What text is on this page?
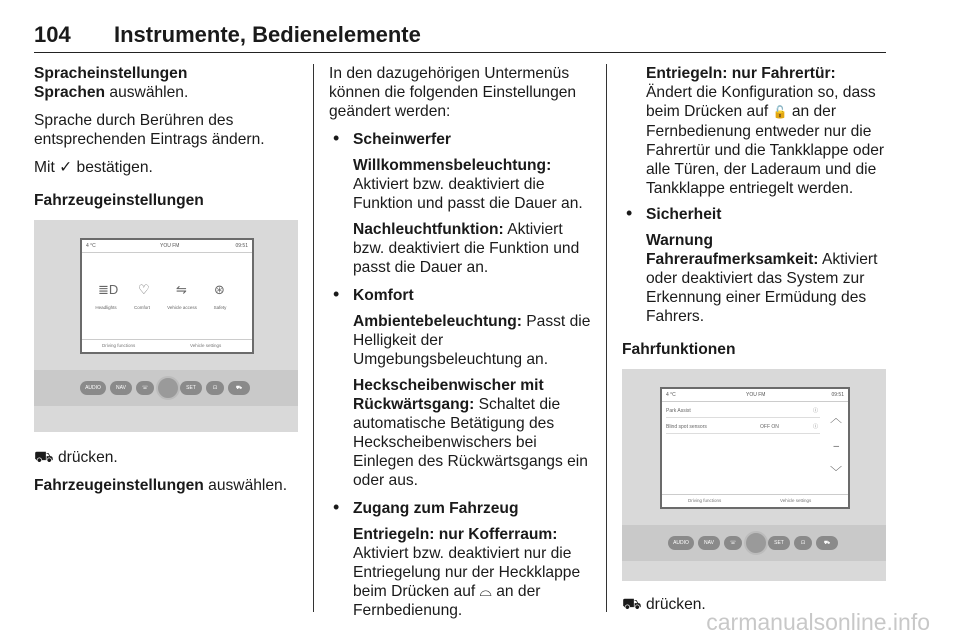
104 Instrumente, Bedienelemente
Spracheinstellungen

Sprachen auswählen.

Sprache durch Berühren des entsprechenden Eintrags ändern.

Mit ✓ bestätigen.

Fahrzeugeinstellungen
4 °C	YOU FM	09:51
≣D
Headlights
♡
Comfort
⇋
Vehicle access
⊛
Safety
Driving functions	Vehicle settings
AUDIO	NAV	☏	SET	⊡	⛟

⛟ drücken.

Fahrzeugeinstellungen auswählen.

In den dazugehörigen Untermenüs können die folgenden Einstellungen geändert werden:

• Scheinwerfer

Willkommensbeleuchtung: Aktiviert bzw. deaktiviert die Funktion und passt die Dauer an.

Nachleuchtfunktion: Aktiviert bzw. deaktiviert die Funktion und passt die Dauer an.

• Komfort

Ambientebeleuchtung: Passt die Helligkeit der Umgebungsbeleuchtung an.

Heckscheibenwischer mit Rückwärtsgang: Schaltet die automatische Betätigung des Heckscheibenwischers bei Einlegen des Rückwärtsgangs ein oder aus.

• Zugang zum Fahrzeug

Entriegeln: nur Kofferraum: Aktiviert bzw. deaktiviert nur die Entriegelung nur der Heckklappe beim Drücken auf ⌓ an der Fernbedienung.

Entriegeln: nur Fahrertür: Ändert die Konfiguration so, dass beim Drücken auf 🔓 an der Fernbedienung entweder nur die Fahrertür und die Tankklappe oder alle Türen, der Laderaum und die Tankklappe entriegelt werden.

• Sicherheit

Warnung Fahreraufmerksamkeit: Aktiviert oder deaktiviert das System zur Erkennung einer Ermüdung des Fahrers.

Fahrfunktionen
4 °C	YOU FM	09:51
Park Assist	ⓘ
Blind spot sensors	OFF ON	ⓘ
︿
–
﹀
Driving functions	Vehicle settings
AUDIO	NAV	☏	SET	⊡	⛟

⛟ drücken.

carmanualsonline.info
